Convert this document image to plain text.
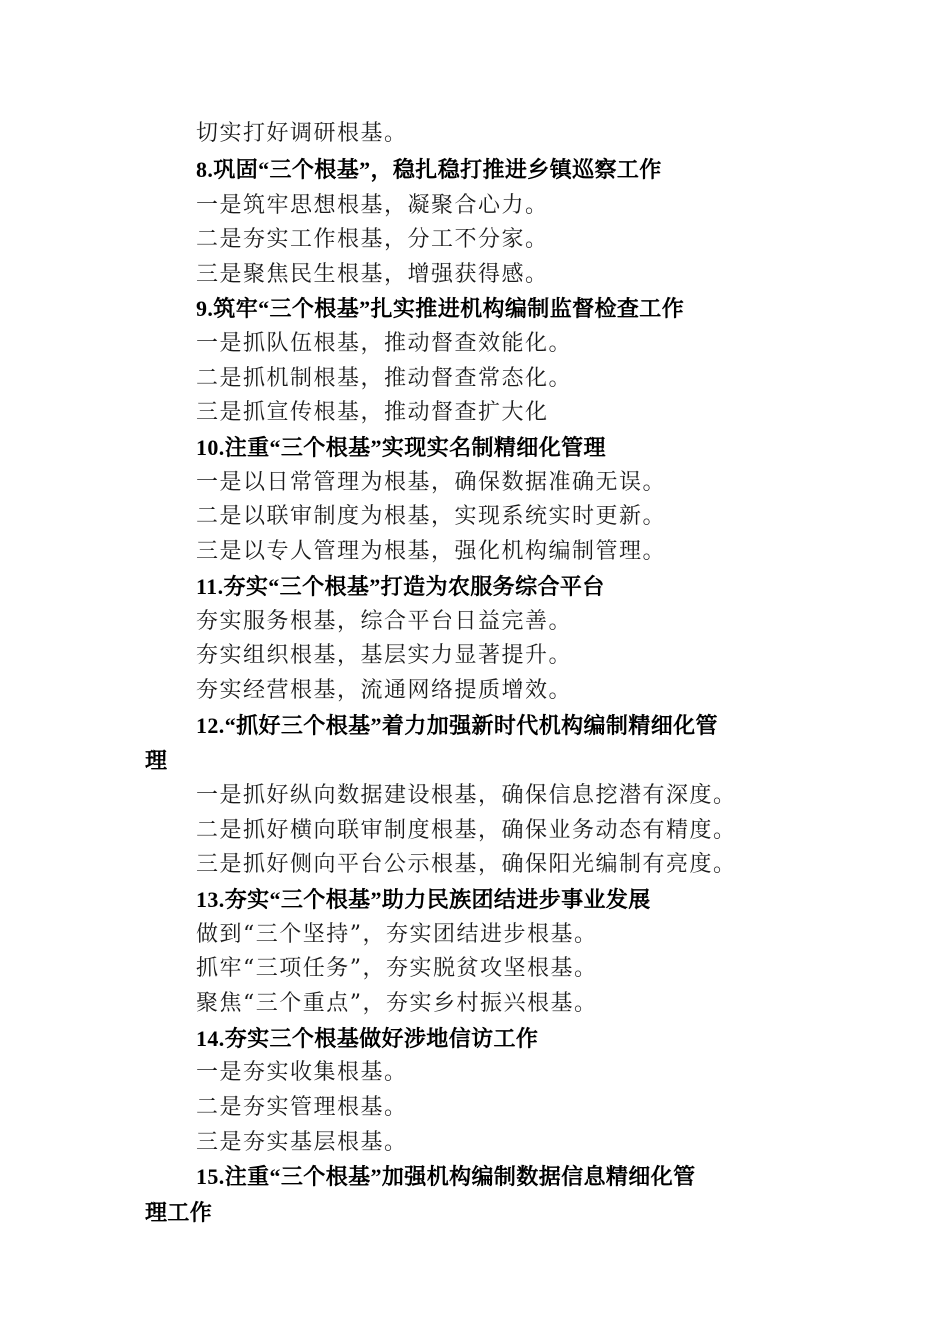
切实打好调研根基。
8.巩固“三个根基”，稳扎稳打推进乡镇巡察工作
一是筑牢思想根基，凝聚合心力。
二是夯实工作根基，分工不分家。
三是聚焦民生根基，增强获得感。
9.筑牢“三个根基”扎实推进机构编制监督检查工作
一是抓队伍根基，推动督查效能化。
二是抓机制根基，推动督查常态化。
三是抓宣传根基，推动督查扩大化
10.注重“三个根基”实现实名制精细化管理
一是以日常管理为根基，确保数据准确无误。
二是以联审制度为根基，实现系统实时更新。
三是以专人管理为根基，强化机构编制管理。
11.夯实“三个根基”打造为农服务综合平台
夯实服务根基，综合平台日益完善。
夯实组织根基，基层实力显著提升。
夯实经营根基，流通网络提质增效。
12.“抓好三个根基”着力加强新时代机构编制精细化管
理
一是抓好纵向数据建设根基，确保信息挖潜有深度。
二是抓好横向联审制度根基，确保业务动态有精度。
三是抓好侧向平台公示根基，确保阳光编制有亮度。
13.夯实“三个根基”助力民族团结进步事业发展
做到“三个坚持”，夯实团结进步根基。
抓牢“三项任务”，夯实脱贫攻坚根基。
聚焦“三个重点”，夯实乡村振兴根基。
14.夯实三个根基做好涉地信访工作
一是夯实收集根基。
二是夯实管理根基。
三是夯实基层根基。
15.注重“三个根基”加强机构编制数据信息精细化管
理工作
